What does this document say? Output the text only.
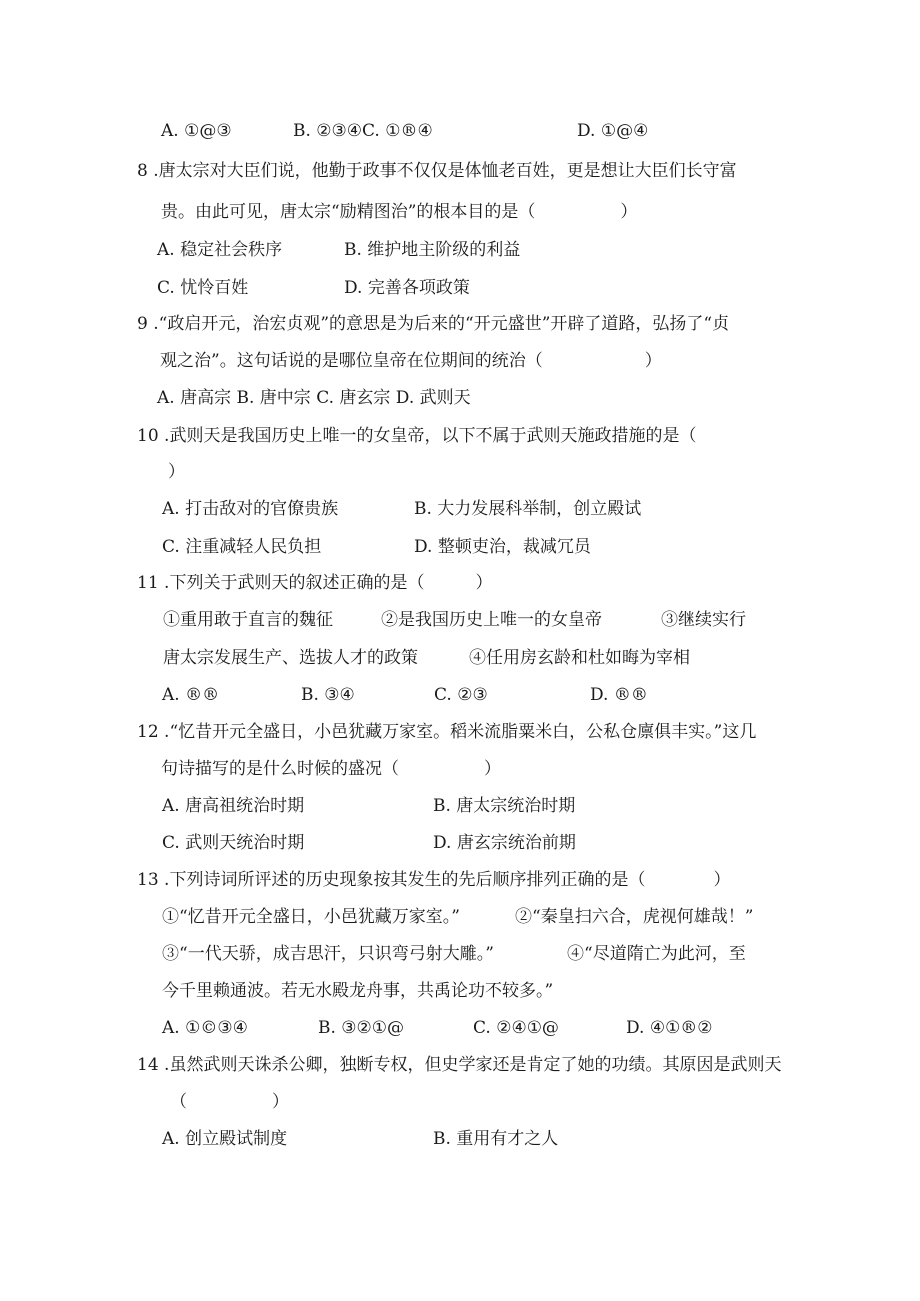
A. ①@③	B. ②③④C. ①®④	D. ①@④
8 .唐太宗对大臣们说，他勤于政事不仅仅是体恤老百姓，更是想让大臣们长守富
贵。由此可见，唐太宗“励精图治”的根本目的是（　　　　　）
A. 稳定社会秩序	B. 维护地主阶级的利益
C. 忧怜百姓	D. 完善各项政策
9 .“政启开元，治宏贞观”的意思是为后来的“开元盛世”开辟了道路，弘扬了“贞
观之治”。这句话说的是哪位皇帝在位期间的统治（　　　　　　）
A. 唐高宗 B. 唐中宗 C. 唐玄宗 D. 武则天
10 .武则天是我国历史上唯一的女皇帝，以下不属于武则天施政措施的是（
）
A. 打击敌对的官僚贵族	B. 大力发展科举制，创立殿试
C. 注重减轻人民负担	D. 整顿吏治，裁减冗员
11 .下列关于武则天的叙述正确的是（　　　）
①重用敢于直言的魏征	②是我国历史上唯一的女皇帝	③继续实行
唐太宗发展生产、选拔人才的政策	④任用房玄龄和杜如晦为宰相
A. ®®	B. ③④	C. ②③	D. ®®
12 .“忆昔开元全盛日，小邑犹藏万家室。稻米流脂粟米白，公私仓廪俱丰实。”这几
句诗描写的是什么时候的盛况（　　　　　）
A. 唐高祖统治时期	B. 唐太宗统治时期
C. 武则天统治时期	D. 唐玄宗统治前期
13 .下列诗词所评述的历史现象按其发生的先后顺序排列正确的是（　　　　）
①“忆昔开元全盛日，小邑犹藏万家室。”	②“秦皇扫六合，虎视何雄哉！”
③“一代天骄，成吉思汗，只识弯弓射大雕。”	④“尽道隋亡为此河，至
今千里赖通波。若无水殿龙舟事，共禹论功不较多。”
A. ①©③④	B. ③②①@	C. ②④①@	D. ④①®②
14 .虽然武则天诛杀公卿，独断专权，但史学家还是肯定了她的功绩。其原因是武则天
（　　　　　）
A. 创立殿试制度	B. 重用有才之人
